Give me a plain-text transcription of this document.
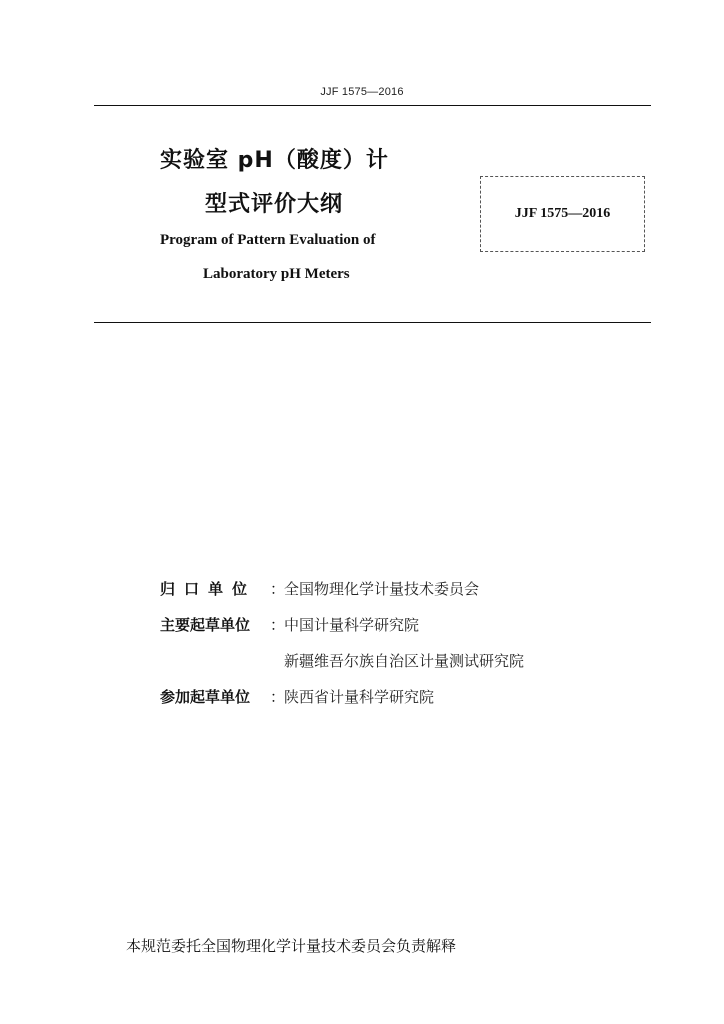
JJF 1575—2016
实验室 pH（酸度）计
型式评价大纲
Program of Pattern Evaluation of
Laboratory pH Meters
JJF 1575—2016
归口单位 ：
全国物理化学计量技术委员会
主要起草单位	：
中国计量科学研究院
新疆维吾尔族自治区计量测试研究院
参加起草单位	：
陕西省计量科学研究院
本规范委托全国物理化学计量技术委员会负责解释
